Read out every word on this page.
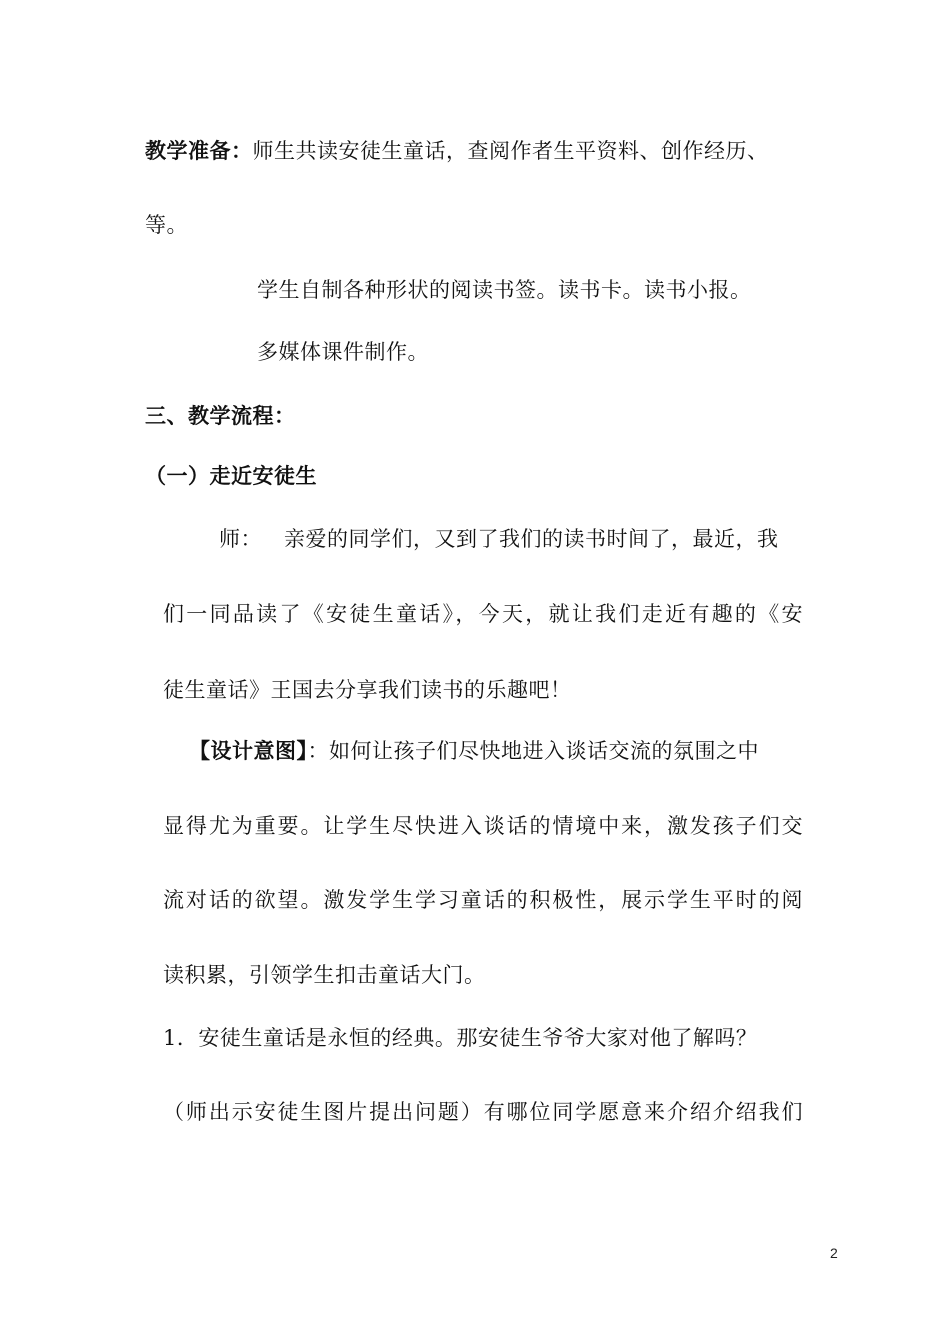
教学准备：师生共读安徒生童话，查阅作者生平资料、创作经历、
等。
学生自制各种形状的阅读书签。读书卡。读书小报。
多媒体课件制作。
三、教学流程：
（一）走近安徒生
师： 亲爱的同学们，又到了我们的读书时间了，最近，我
们一同品读了《安徒生童话》，今天，就让我们走近有趣的《安
徒生童话》王国去分享我们读书的乐趣吧！
【设计意图】：如何让孩子们尽快地进入谈话交流的氛围之中
显得尤为重要。让学生尽快进入谈话的情境中来，激发孩子们交
流对话的欲望。激发学生学习童话的积极性，展示学生平时的阅
读积累，引领学生扣击童话大门。
1．安徒生童话是永恒的经典。那安徒生爷爷大家对他了解吗？
（师出示安徒生图片提出问题）有哪位同学愿意来介绍介绍我们
2
